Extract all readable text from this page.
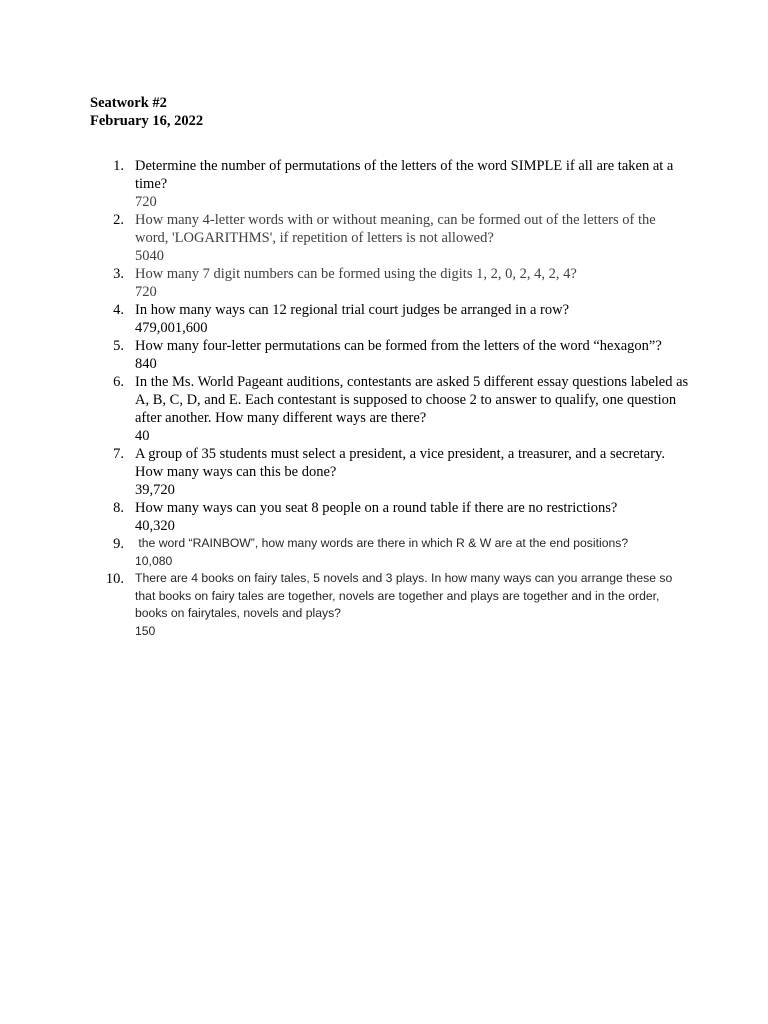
Seatwork #2
February 16, 2022
1. Determine the number of permutations of the letters of the word SIMPLE if all are taken at a time?
720
2. How many 4-letter words with or without meaning, can be formed out of the letters of the word, 'LOGARITHMS', if repetition of letters is not allowed?
5040
3. How many 7 digit numbers can be formed using the digits 1, 2, 0, 2, 4, 2, 4?
720
4. In how many ways can 12 regional trial court judges be arranged in a row?
479,001,600
5. How many four-letter permutations can be formed from the letters of the word “hexagon”?
840
6. In the Ms. World Pageant auditions, contestants are asked 5 different essay questions labeled as A, B, C, D, and E. Each contestant is supposed to choose 2 to answer to qualify, one question after another. How many different ways are there?
40
7. A group of 35 students must select a president, a vice president, a treasurer, and a secretary. How many ways can this be done?
39,720
8. How many ways can you seat 8 people on a round table if there are no restrictions?
40,320
9. the word “RAINBOW”, how many words are there in which R & W are at the end positions?
10,080
10. There are 4 books on fairy tales, 5 novels and 3 plays. In how many ways can you arrange these so that books on fairy tales are together, novels are together and plays are together and in the order, books on fairytales, novels and plays?
150
